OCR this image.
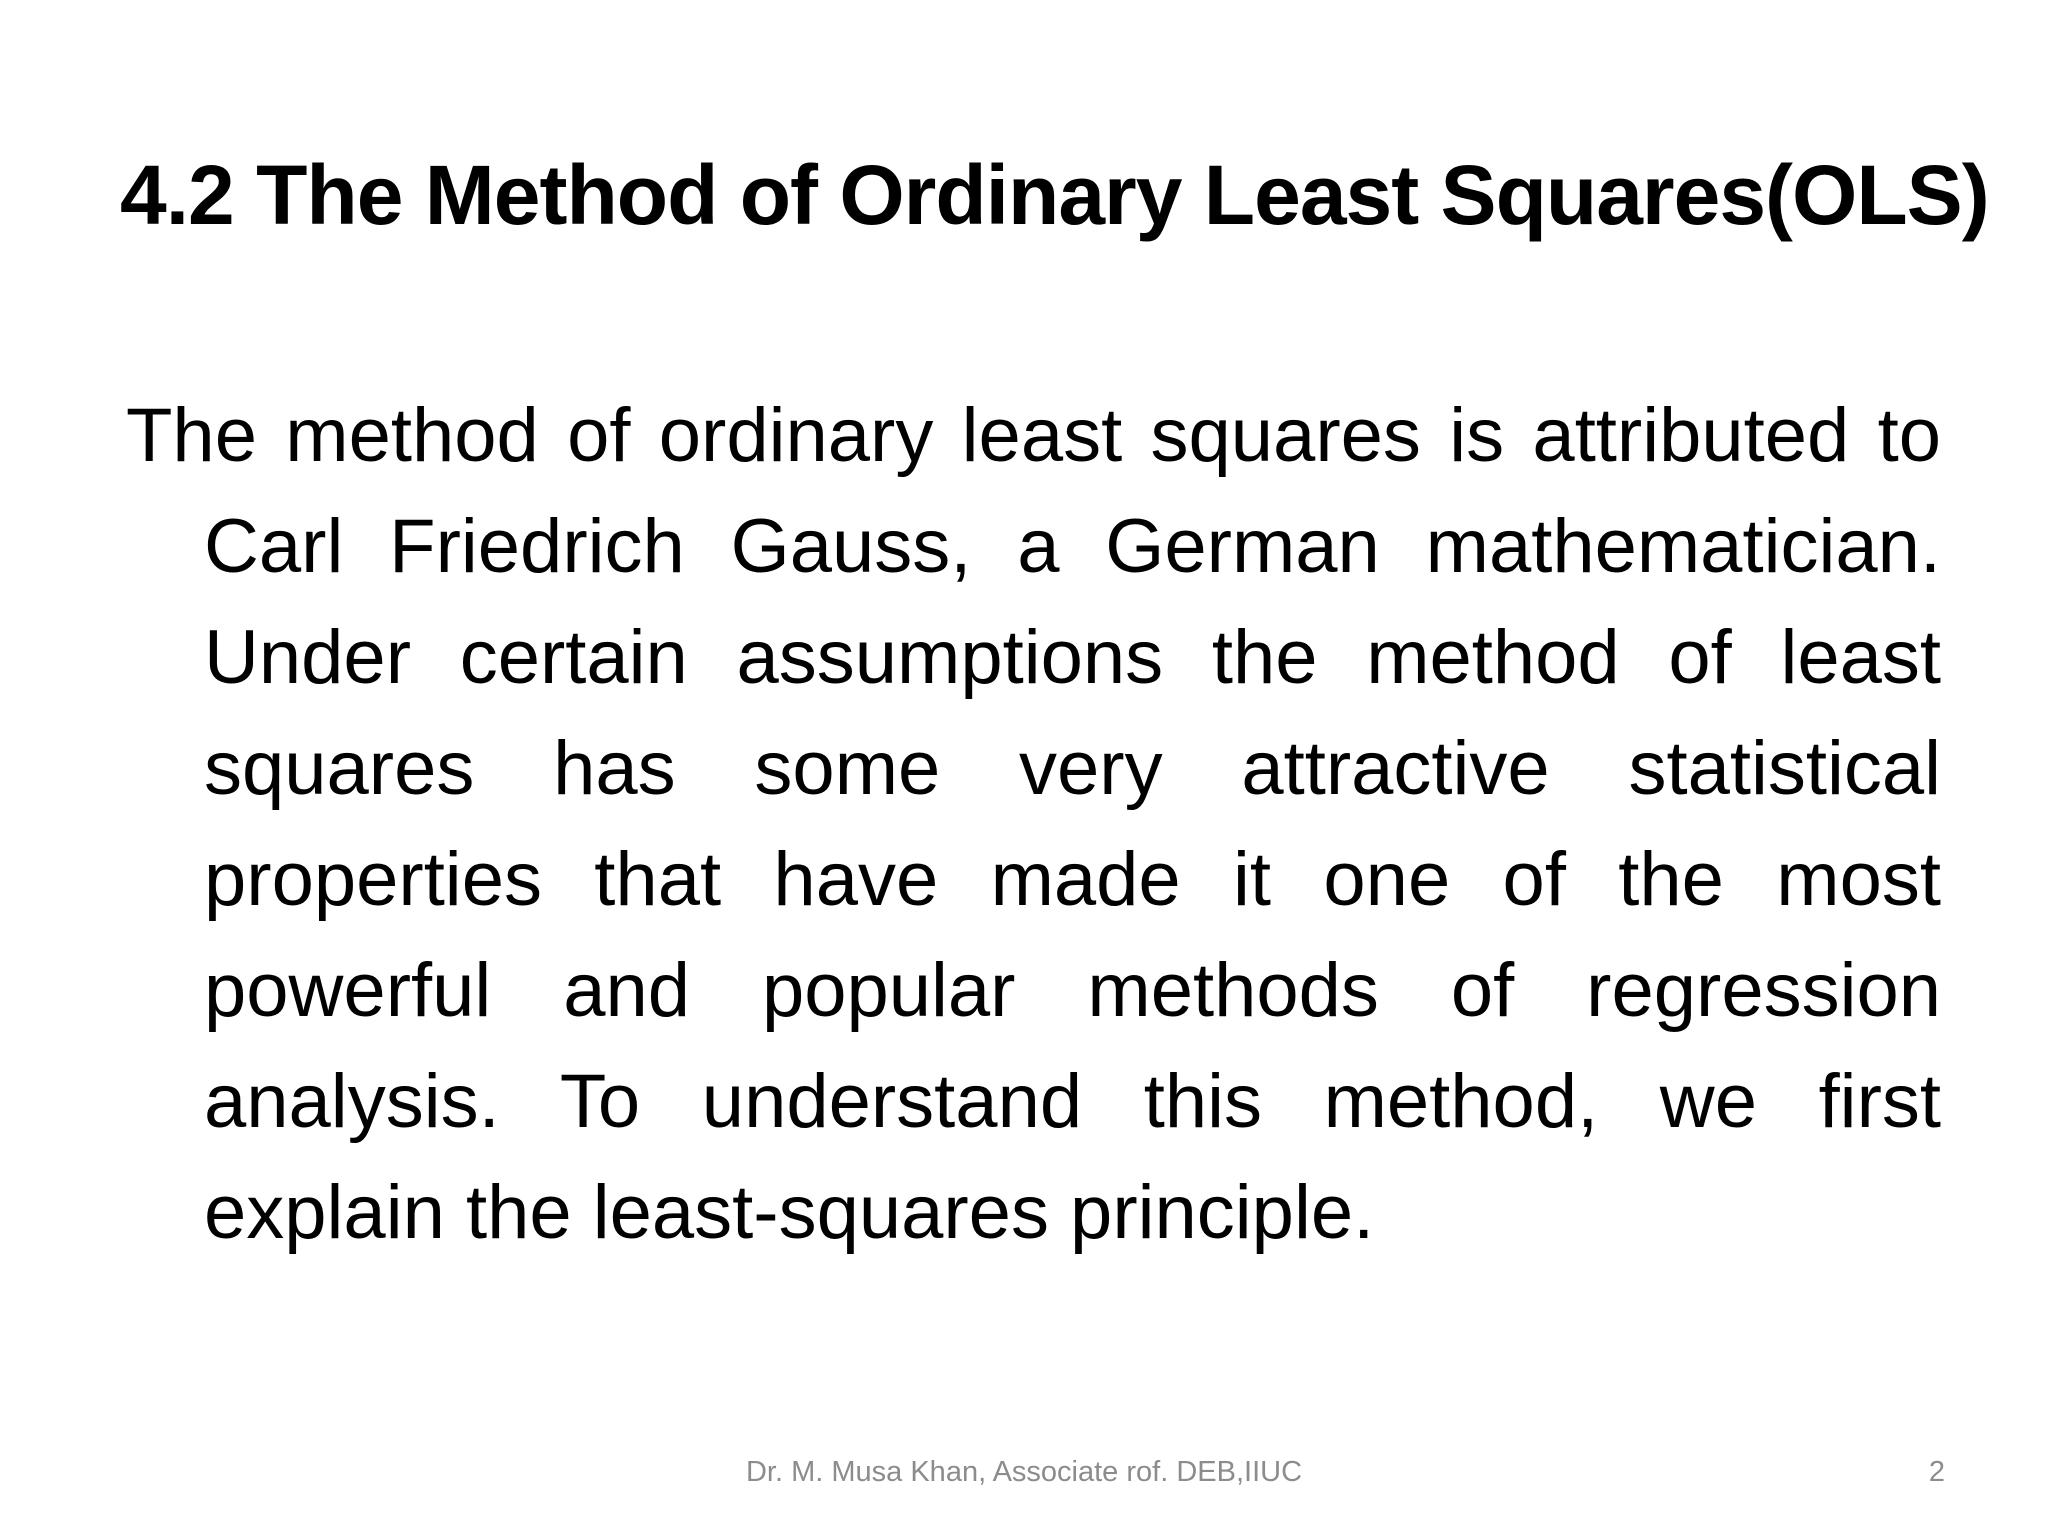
4.2 The Method of Ordinary Least Squares(OLS)

The method of ordinary least squares is attributed to Carl Friedrich Gauss, a German mathematician. Under certain assumptions the method of least squares has some very attractive statistical properties that have made it one of the most powerful and popular methods of regression analysis. To understand this method, we first explain the least-squares principle.

Dr. M. Musa Khan, Associate rof. DEB,IIUC	2
